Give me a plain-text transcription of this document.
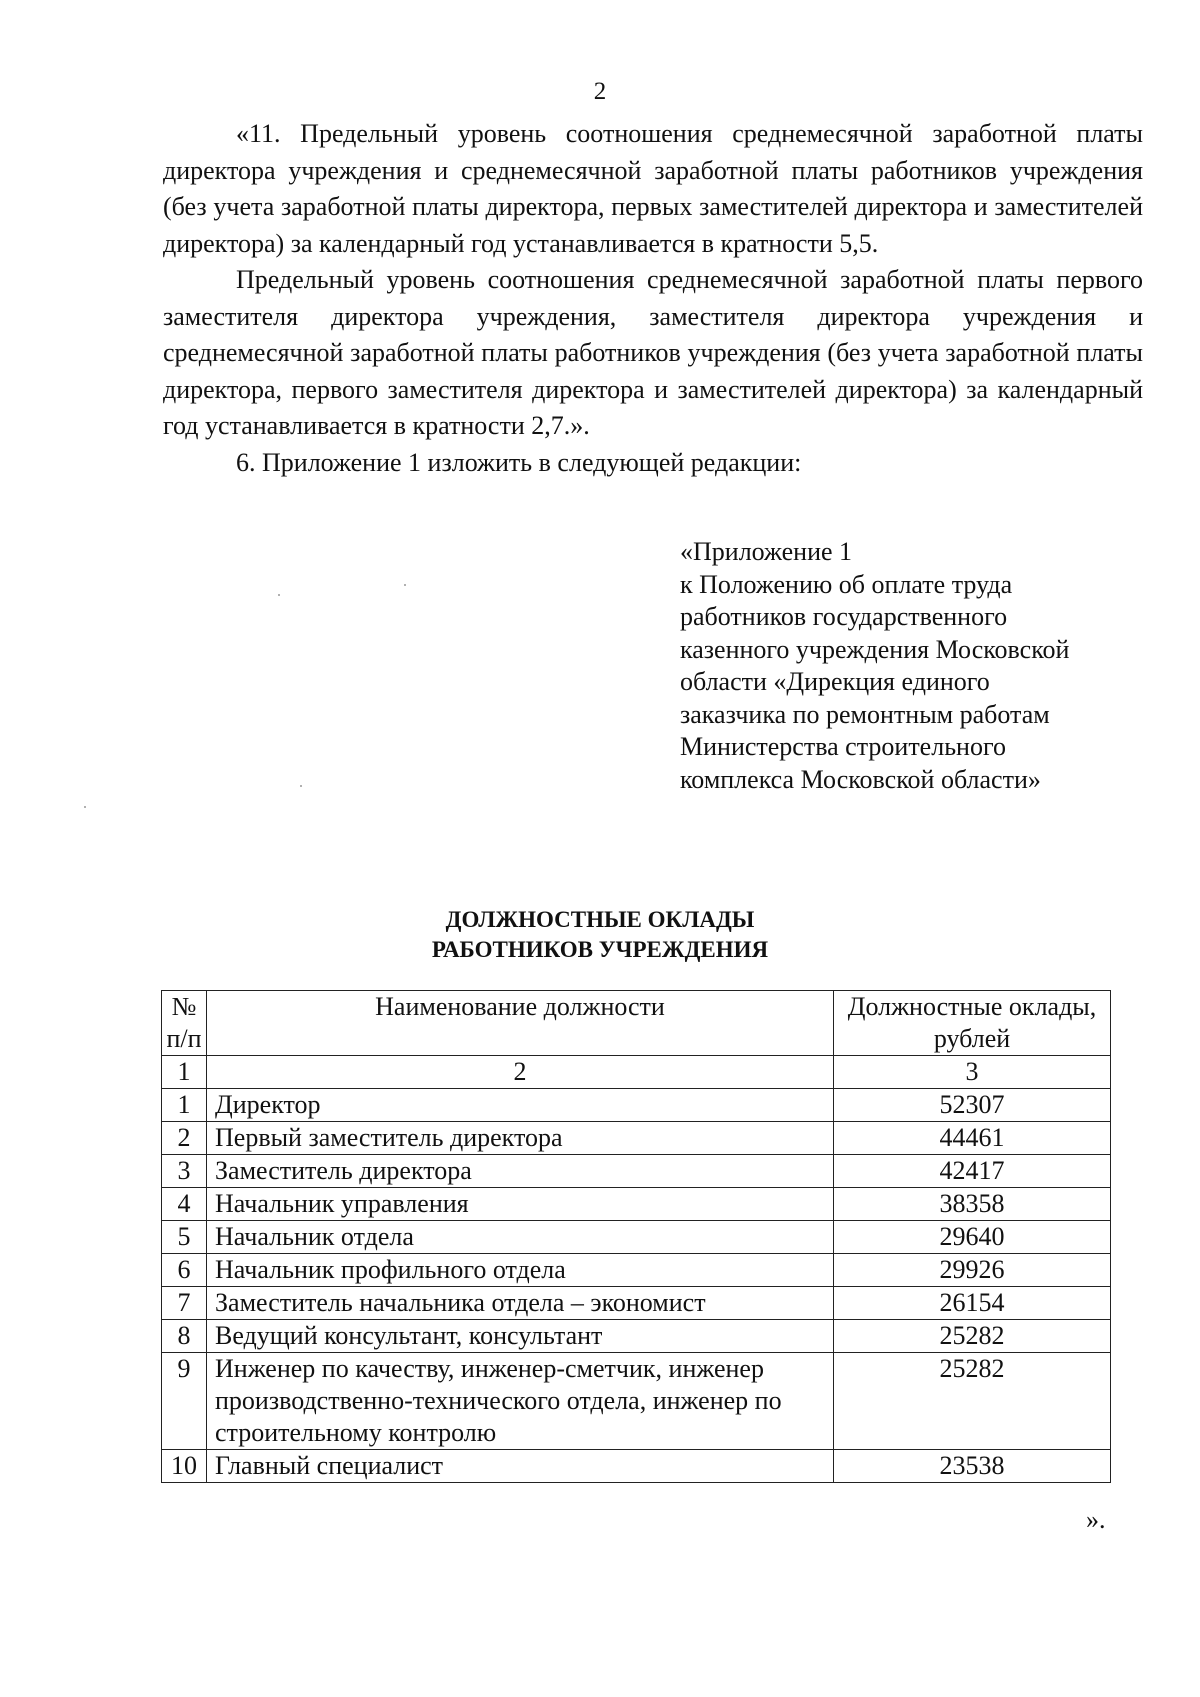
2

«11. Предельный уровень соотношения среднемесячной заработной платы директора учреждения и среднемесячной заработной платы работников учреждения (без учета заработной платы директора, первых заместителей директора и заместителей директора) за календарный год устанавливается в кратности 5,5.

Предельный уровень соотношения среднемесячной заработной платы первого заместителя директора учреждения, заместителя директора учреждения и среднемесячной заработной платы работников учреждения (без учета заработной платы директора, первого заместителя директора и заместителей директора) за календарный год устанавливается в кратности 2,7.».

6. Приложение 1 изложить в следующей редакции:

«Приложение 1
к Положению об оплате труда
работников государственного
казенного учреждения Московской
области «Дирекция единого
заказчика по ремонтным работам
Министерства строительного
комплекса Московской области»
ДОЛЖНОСТНЫЕ ОКЛАДЫ
РАБОТНИКОВ УЧРЕЖДЕНИЯ
№ п/п	Наименование должности	Должностные оклады, рублей
1	2	3
1	Директор	52307
2	Первый заместитель директора	44461
3	Заместитель директора	42417
4	Начальник управления	38358
5	Начальник отдела	29640
6	Начальник профильного отдела	29926
7	Заместитель начальника отдела – экономист	26154
8	Ведущий консультант, консультант	25282
9	Инженер по качеству, инженер-сметчик, инженер производственно-технического отдела, инженер по строительному контролю	25282
10	Главный специалист	23538
».
